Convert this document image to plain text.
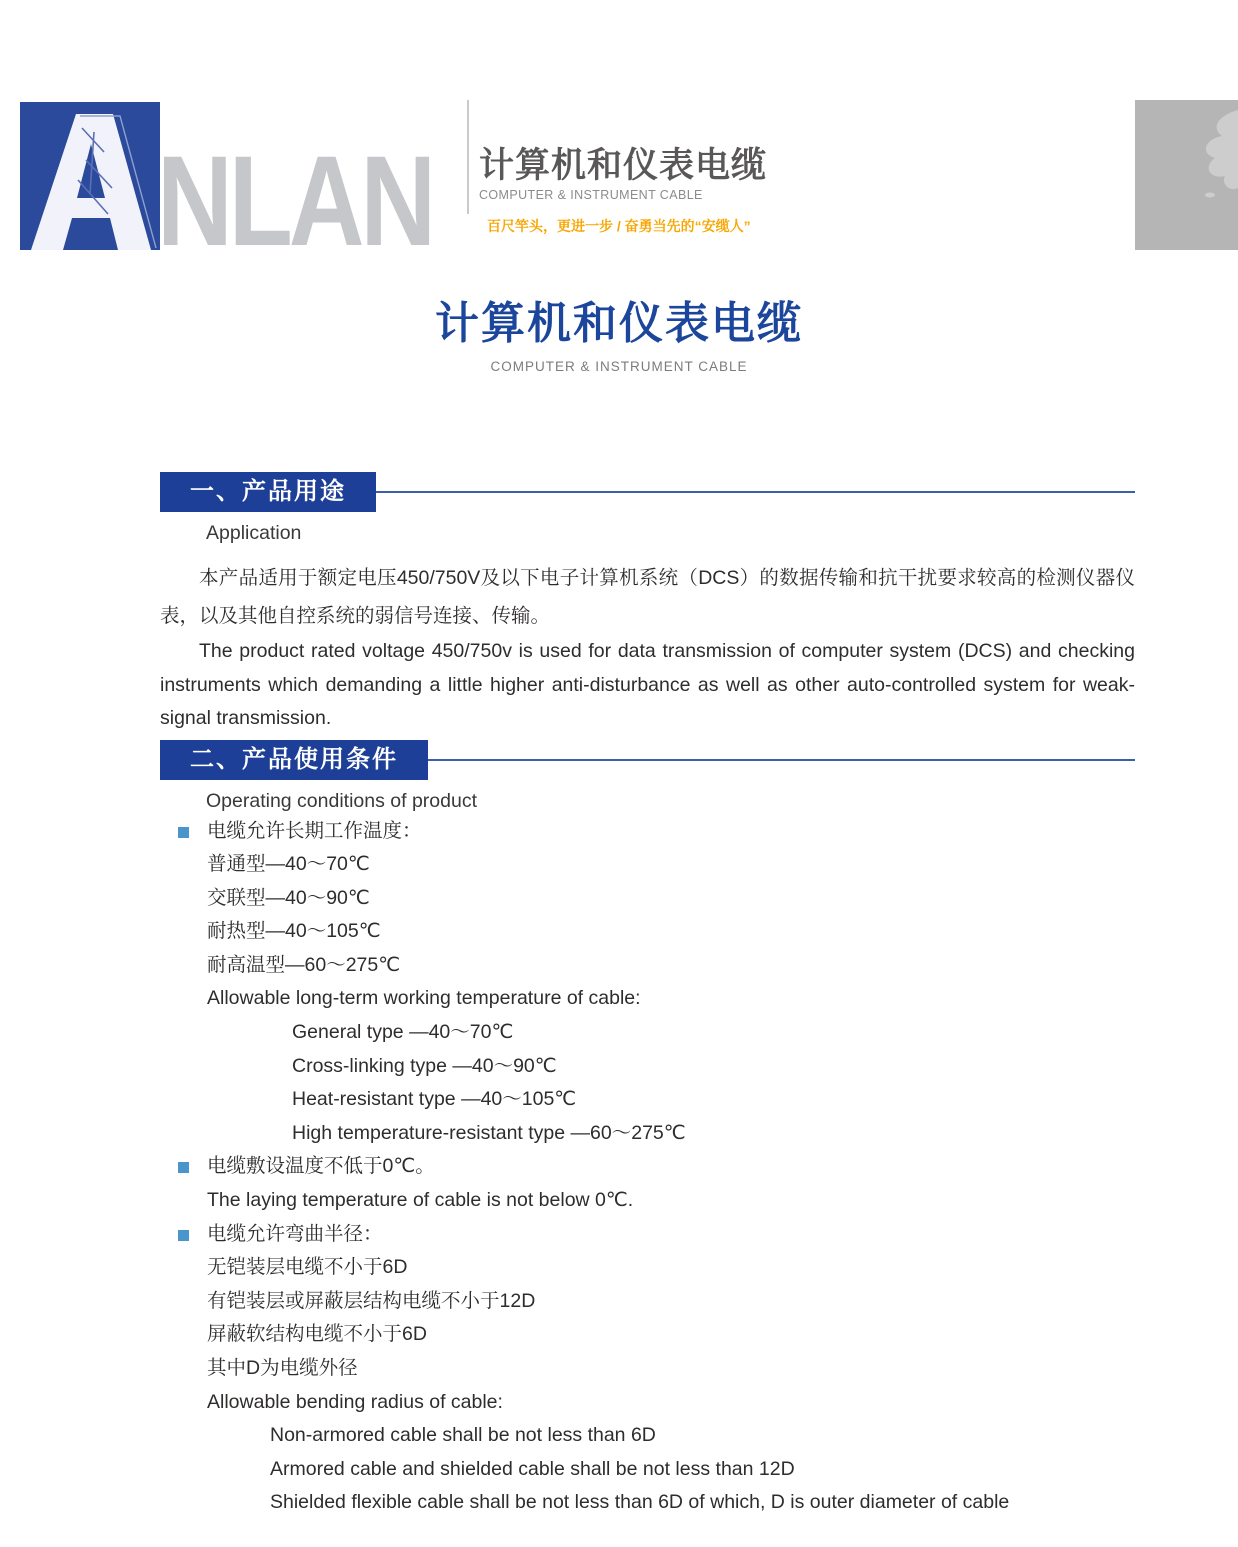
NLAN 计算机和仪表电缆
COMPUTER & INSTRUMENT CABLE
百尺竿头，更进一步 / 奋勇当先的“安缆人”
计算机和仪表电缆
COMPUTER & INSTRUMENT CABLE
一、产品用途
Application

本产品适用于额定电压450/750V及以下电子计算机系统（DCS）的数据传输和抗干扰要求较高的检测仪器仪表，以及其他自控系统的弱信号连接、传输。

The product rated voltage 450/750v is used for data transmission of computer system (DCS) and checking instruments which demanding a little higher anti-disturbance as well as other auto-controlled system for weak-signal transmission.

二、产品使用条件
Operating conditions of product
电缆允许长期工作温度：
普通型—40～70℃
交联型—40～90℃
耐热型—40～105℃
耐高温型—60～275℃
Allowable long-term working temperature of cable:
General type —40～70℃
Cross-linking type —40～90℃
Heat-resistant type —40～105℃
High temperature-resistant type —60～275℃
电缆敷设温度不低于0℃。
The laying temperature of cable is not below 0℃.
电缆允许弯曲半径：
无铠装层电缆不小于6D
有铠装层或屏蔽层结构电缆不小于12D
屏蔽软结构电缆不小于6D
其中D为电缆外径
Allowable bending radius of cable:
Non-armored cable shall be not less than 6D
Armored cable and shielded cable shall be not less than 12D
Shielded flexible cable shall be not less than 6D of which, D is outer diameter of cable
